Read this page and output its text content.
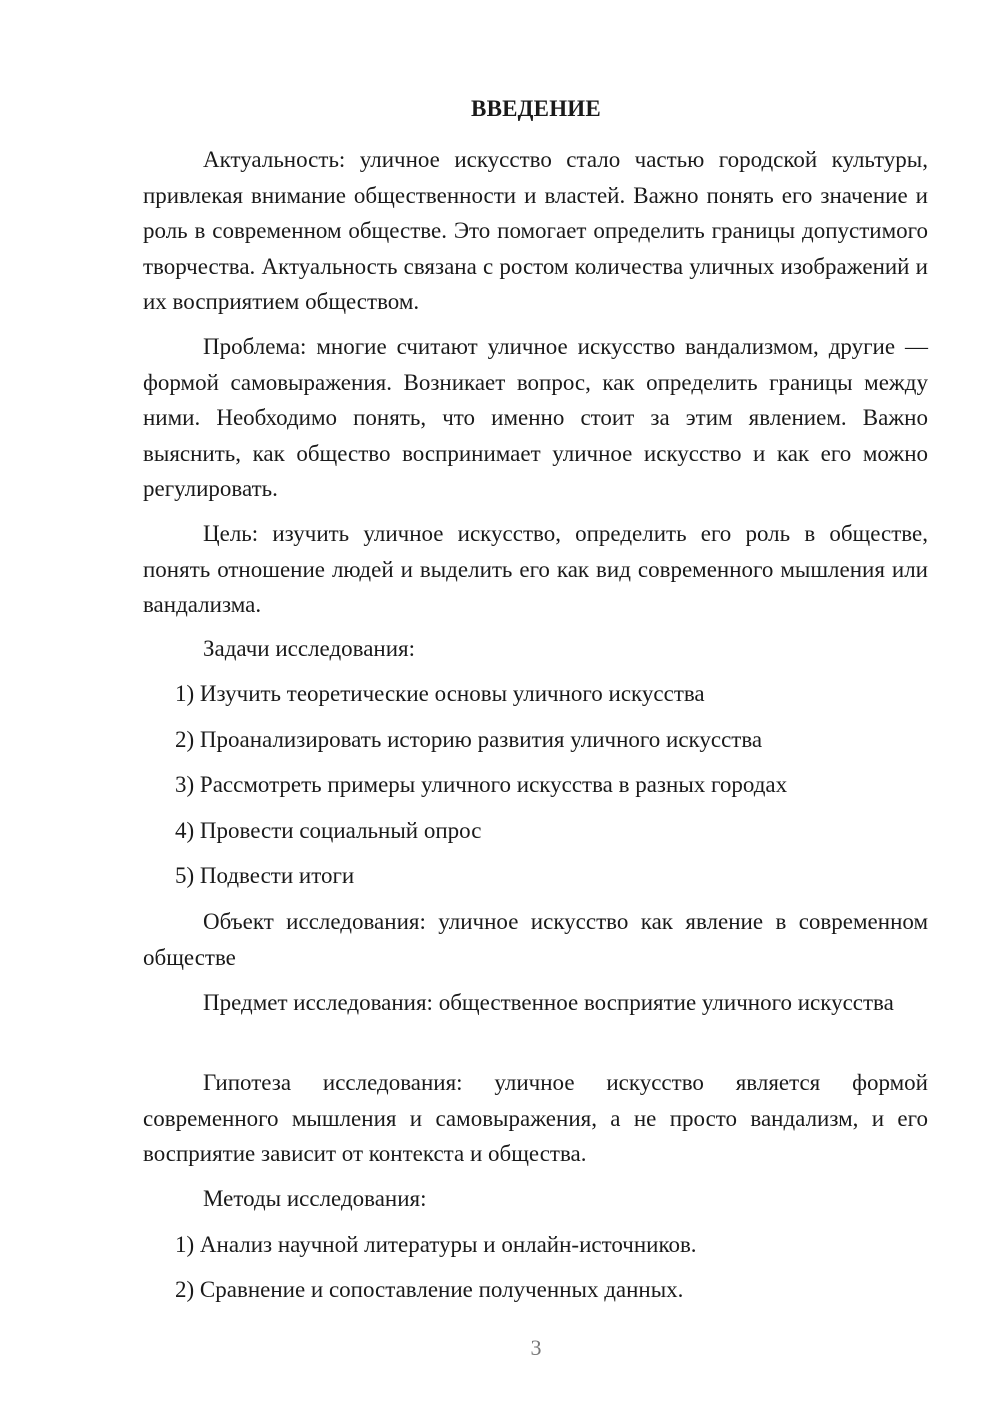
ВВЕДЕНИЕ
Актуальность: уличное искусство стало частью городской культуры, привлекая внимание общественности и властей. Важно понять его значение и роль в современном обществе. Это помогает определить границы допустимого творчества. Актуальность связана с ростом количества уличных изображений и их восприятием обществом.
Проблема: многие считают уличное искусство вандализмом, другие — формой самовыражения. Возникает вопрос, как определить границы между ними. Необходимо понять, что именно стоит за этим явлением. Важно выяснить, как общество воспринимает уличное искусство и как его можно регулировать.
Цель: изучить уличное искусство, определить его роль в обществе, понять отношение людей и выделить его как вид современного мышления или вандализма.
Задачи исследования:
1) Изучить теоретические основы уличного искусства
2) Проанализировать историю развития уличного искусства
3) Рассмотреть примеры уличного искусства в разных городах
4) Провести социальный опрос
5) Подвести итоги
Объект исследования: уличное искусство как явление в современном обществе
Предмет исследования: общественное восприятие уличного искусства
Гипотеза исследования: уличное искусство является формой современного мышления и самовыражения, а не просто вандализм, и его восприятие зависит от контекста и общества.
Методы исследования:
1) Анализ научной литературы и онлайн-источников.
2) Сравнение и сопоставление полученных данных.
3
